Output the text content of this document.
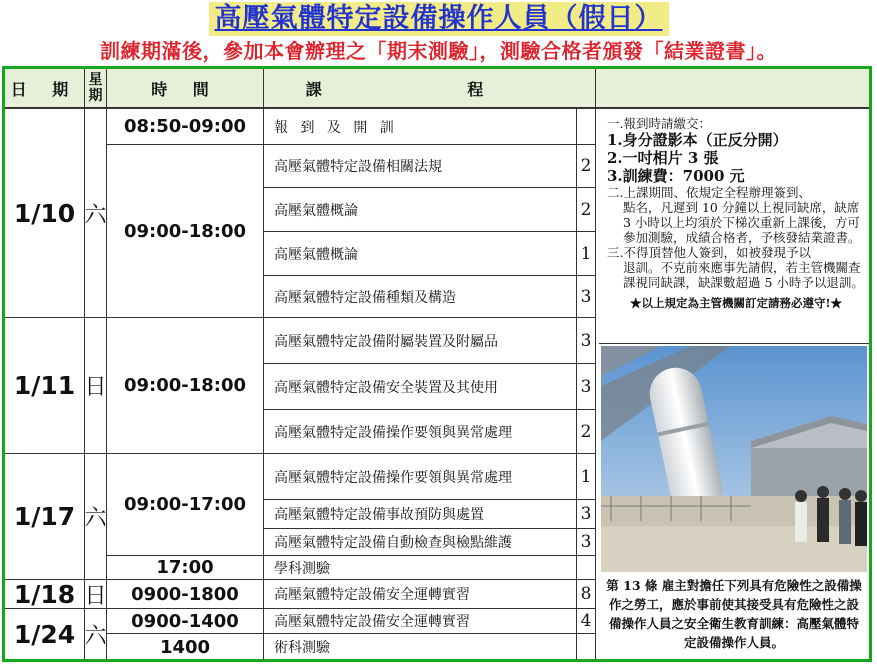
高壓氣體特定設備操作人員（假日）
訓練期滿後，參加本會辦理之「期末測驗」，測驗合格者頒發「結業證書」。
日 期 星期	時 間	課 程
1/10
1/11
1/17
1/18
1/24
六
日
六
日
六
08:50-09:00
09:00-18:00
09:00-18:00
09:00-17:00
17:00
0900-1800
0900-1400
1400
報 到 及 開 訓
高壓氣體特定設備相關法規
高壓氣體概論
高壓氣體概論
高壓氣體特定設備種類及構造
高壓氣體特定設備附屬裝置及附屬品
高壓氣體特定設備安全裝置及其使用
高壓氣體特定設備操作要領與異常處理
高壓氣體特定設備操作要領與異常處理
高壓氣體特定設備事故預防與處置
高壓氣體特定設備自動檢查與檢點維護
學科測驗
高壓氣體特定設備安全運轉實習
高壓氣體特定設備安全運轉實習
術科測驗
2
2
1
3
3
3
2
1
3
3
8
4
一.報到時請繳交：
1.身分證影本（正反分開）
2.一吋相片 3 張
3.訓練費：7000 元
二.上課期間、依規定全程辦理簽到、
點名，凡遲到 10 分鐘以上視同缺席，缺席 3 小時以上均須於下梯次重新上課後，方可參加測驗，成績合格者，予核發結業證書。
三.不得頂替他人簽到，如被發現予以
退訓。不克前來應事先請假，若主管機關查課視同缺課，缺課數超過 5 小時予以退訓。
★以上規定為主管機關訂定請務必遵守!★
第 13 條 雇主對擔任下列具有危險性之設備操作之勞工，應於事前使其接受具有危險性之設備操作人員之安全衛生教育訓練：高壓氣體特定設備操作人員。
